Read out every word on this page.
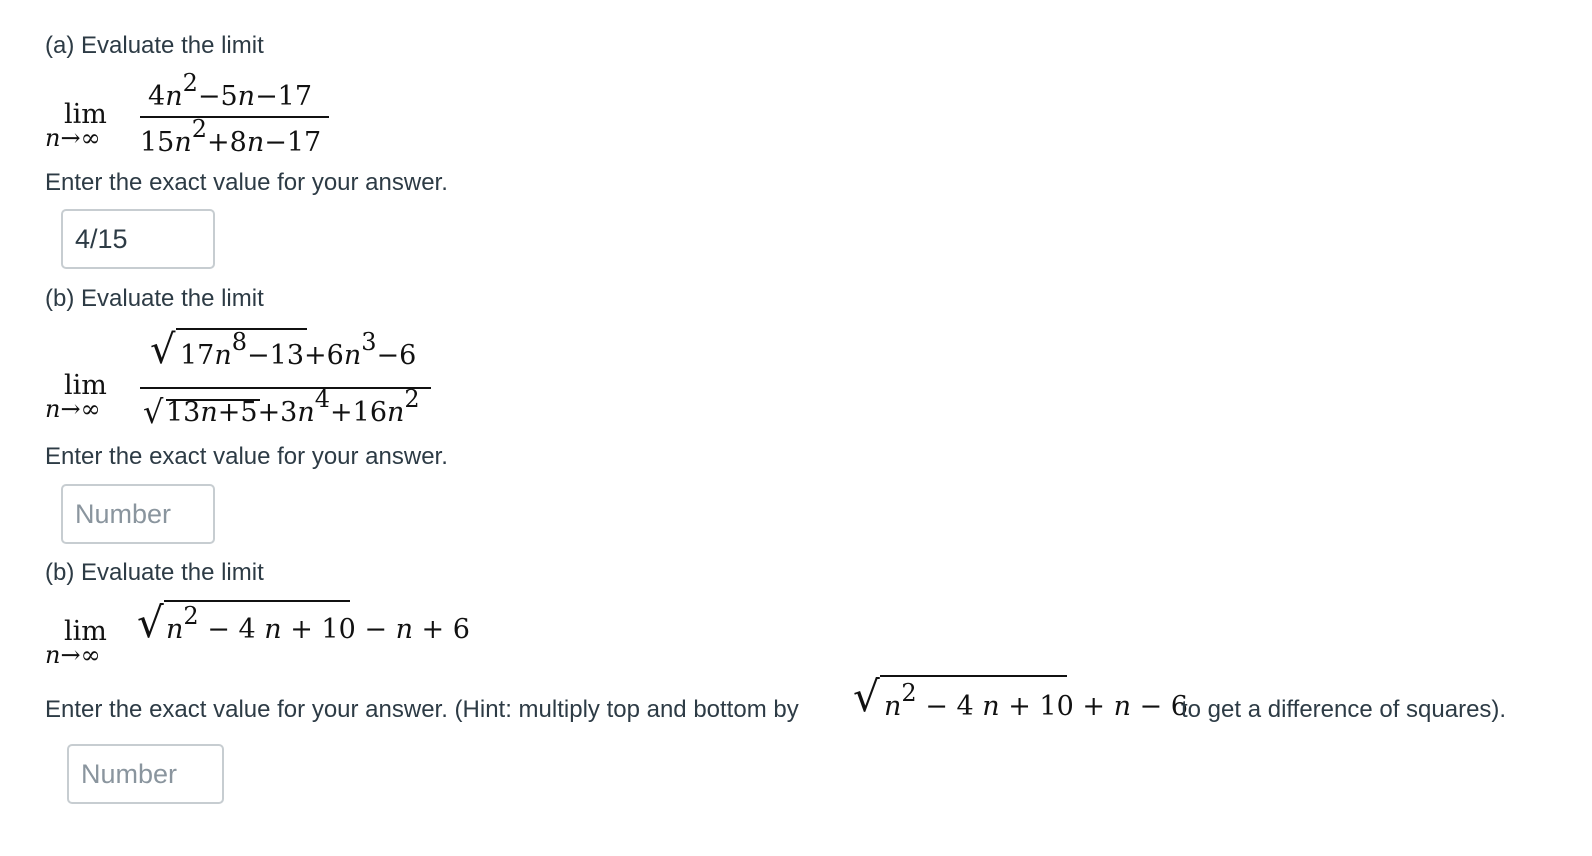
(a) Evaluate the limit
lim
n→∞
$4n^2-5n-17$
$15n^2+8n-17$
Enter the exact value for your answer.
4/15
(b) Evaluate the limit
lim
n→∞
√ $17n^8-13+6n^3-6$
√ $13n+5+3n^4+16n^2$
Enter the exact value for your answer.
Number
(b) Evaluate the limit
lim
n→∞
√ $n^2 - 4$ n + 10 − n + 6
Enter the exact value for your answer. (Hint: multiply top and bottom by √ $n^2 - 4$ n + 10 + n − 6
to get a difference of squares).
Number
